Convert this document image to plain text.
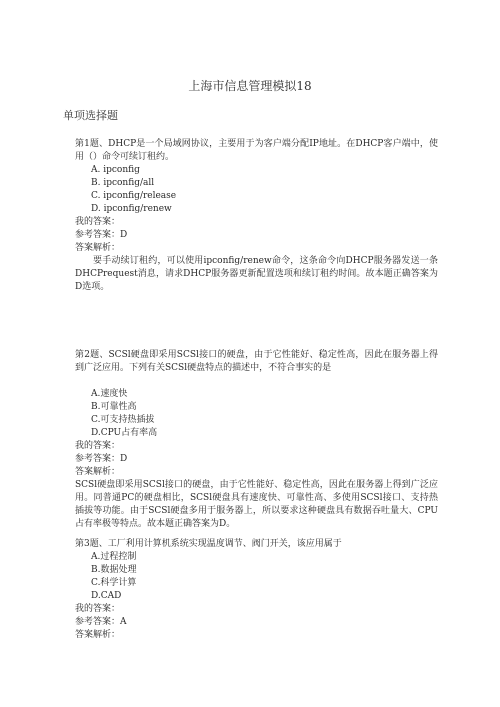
上海市信息管理模拟18
单项选择题

第1题、DHCP是一个局域网协议，主要用于为客户端分配IP地址。在DHCP客户端中，使用（）命令可续订租约。

A. ipconfig

B. ipconfig/all

C. ipconfig/release

D. ipconfig/renew

我的答案：

参考答案：D

答案解析：

要手动续订租约，可以使用ipconfig/renew命令，这条命令向DHCP服务器发送一条DHCPrequest消息，请求DHCP服务器更新配置选项和续订租约时间。故本题正确答案为D选项。

第2题、SCSl硬盘即采用SCSl接口的硬盘，由于它性能好、稳定性高，因此在服务器上得到广泛应用。下列有关SCSl硬盘特点的描述中，不符合事实的是

A.速度快

B.可靠性高

C.可支持热插拔

D.CPU占有率高

我的答案：

参考答案：D

答案解析：

SCSl硬盘即采用SCSl接口的硬盘，由于它性能好、稳定性高，因此在服务器上得到广泛应用。同普通PC的硬盘相比，SCSl硬盘具有速度快、可靠性高、多使用SCSl接口、支持热插拔等功能。由于SCSl硬盘多用于服务器上，所以要求这种硬盘具有数据吞吐量大、CPU占有率极等特点。故本题正确答案为D。

第3题、工厂利用计算机系统实现温度调节、阀门开关，该应用属于

A.过程控制

B.数据处理

C.科学计算

D.CAD

我的答案：

参考答案：A

答案解析：
